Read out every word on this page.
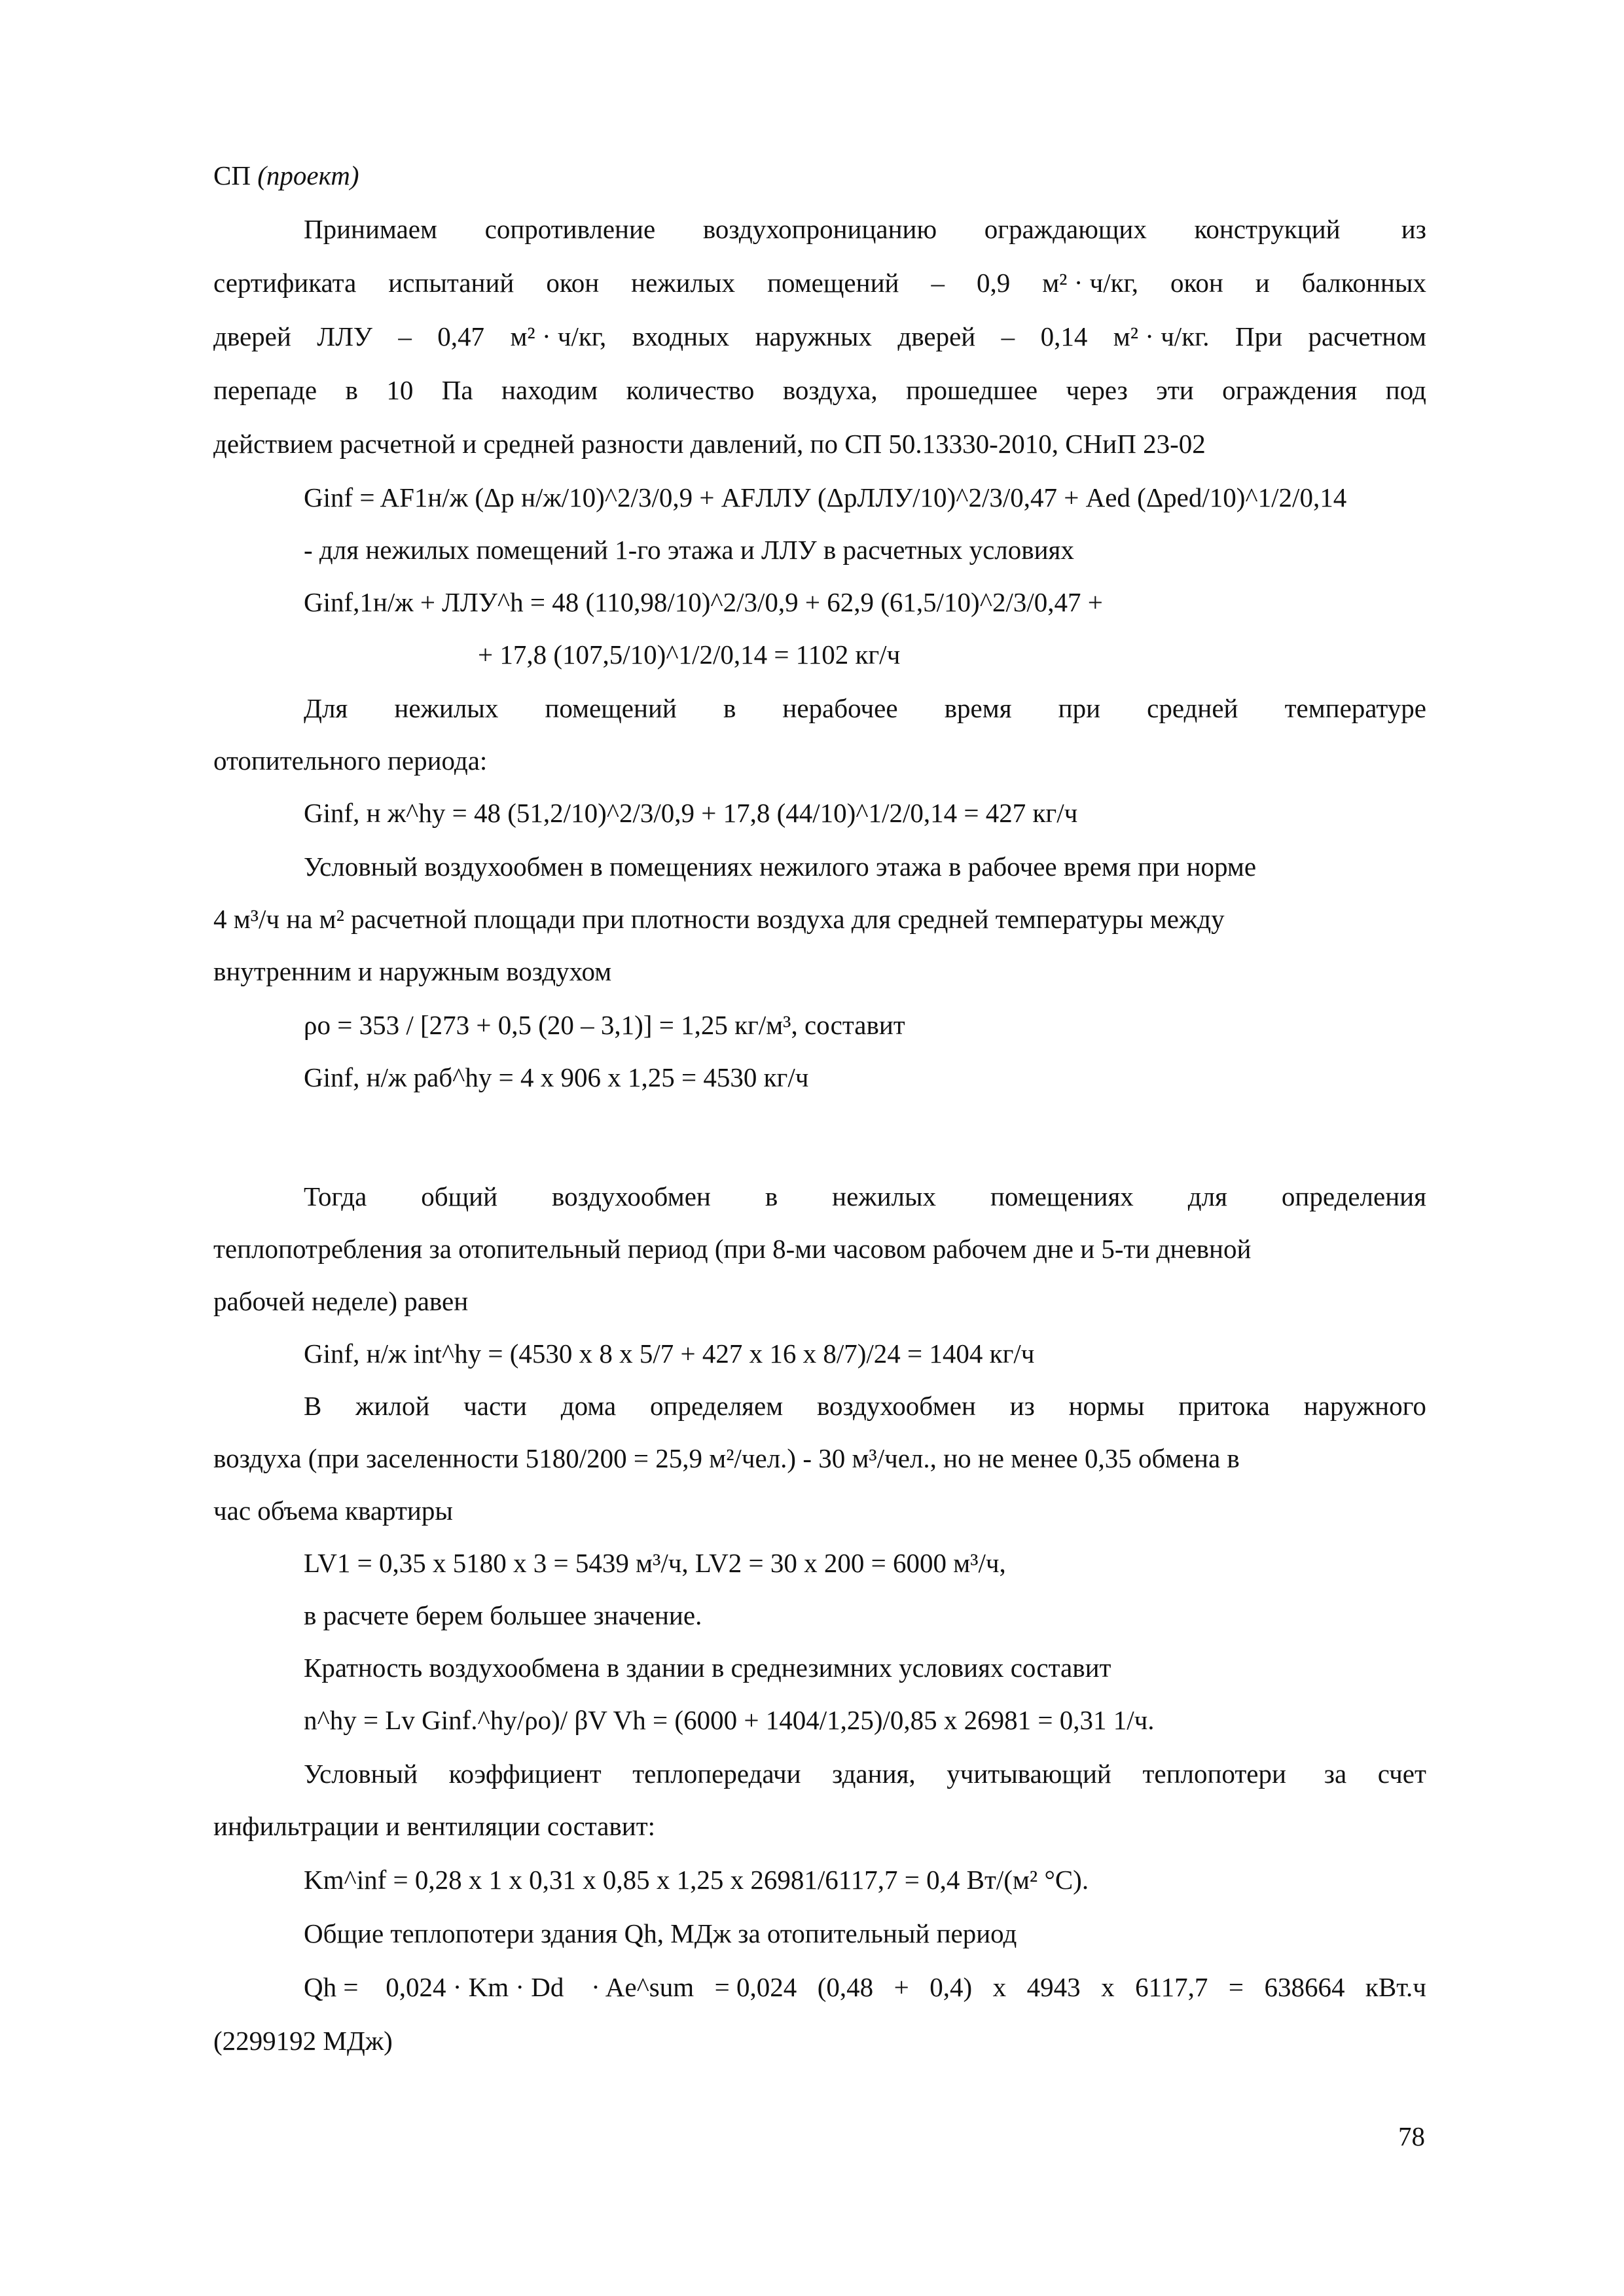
СП (проект)
Принимаем сопротивление воздухопроницанию ограждающих конструкций из
сертификата испытаний окон нежилых помещений – 0,9 м² · ч/кг, окон и балконных
дверей ЛЛУ – 0,47 м² · ч/кг, входных наружных дверей – 0,14 м² · ч/кг. При расчетном
перепаде в 10 Па находим количество воздуха, прошедшее через эти ограждения под
действием расчетной и средней разности давлений, по СП 50.13330-2010, СНиП 23-02
Ginf = AF1н/ж (Δp н/ж/10)^2/3/0,9 + AFЛЛУ (ΔpЛЛУ/10)^2/3/0,47 + Aed (Δped/10)^1/2/0,14
- для нежилых помещений 1-го этажа и ЛЛУ в расчетных условиях
Ginf,1н/ж + ЛЛУ^h = 48 (110,98/10)^2/3/0,9 + 62,9 (61,5/10)^2/3/0,47 +
+ 17,8 (107,5/10)^1/2/0,14 = 1102 кг/ч
Для нежилых помещений в нерабочее время при средней температуре
отопительного периода:
Ginf, н ж^hy = 48 (51,2/10)^2/3/0,9 + 17,8 (44/10)^1/2/0,14 = 427 кг/ч
Условный воздухообмен в помещениях нежилого этажа в рабочее время при норме
4 м³/ч на м² расчетной площади при плотности воздуха для средней температуры между
внутренним и наружным воздухом
ρo = 353 / [273 + 0,5 (20 – 3,1)] = 1,25 кг/м³, составит
Ginf, н/ж раб^hy = 4 x 906 x 1,25 = 4530 кг/ч
Тогда общий воздухообмен в нежилых помещениях для определения
теплопотребления за отопительный период (при 8-ми часовом рабочем дне и 5-ти дневной
рабочей неделе) равен
Ginf, н/ж int^hy = (4530 x 8 x 5/7 + 427 x 16 x 8/7)/24 = 1404 кг/ч
В жилой части дома определяем воздухообмен из нормы притока наружного
воздуха (при заселенности 5180/200 = 25,9 м²/чел.) - 30 м³/чел., но не менее 0,35 обмена в
час объема квартиры
LV1 = 0,35 x 5180 x 3 = 5439 м³/ч, LV2 = 30 x 200 = 6000 м³/ч,
в расчете берем большее значение.
Кратность воздухообмена в здании в среднезимних условиях составит
n^hy = Lv Ginf.^hy/ρo)/ βV Vh = (6000 + 1404/1,25)/0,85 x 26981 = 0,31 1/ч.
Условный коэффициент теплопередачи здания, учитывающий теплопотери за счет
инфильтрации и вентиляции составит:
Km^inf = 0,28 x 1 x 0,31 x 0,85 x 1,25 x 26981/6117,7 = 0,4 Вт/(м² °С).
Общие теплопотери здания Qh, МДж за отопительный период
Qh = 0,024 · Km · Dd · Ae^sum = 0,024 (0,48 + 0,4) x 4943 x 6117,7 = 638664 кВт.ч
(2299192 МДж)
78
